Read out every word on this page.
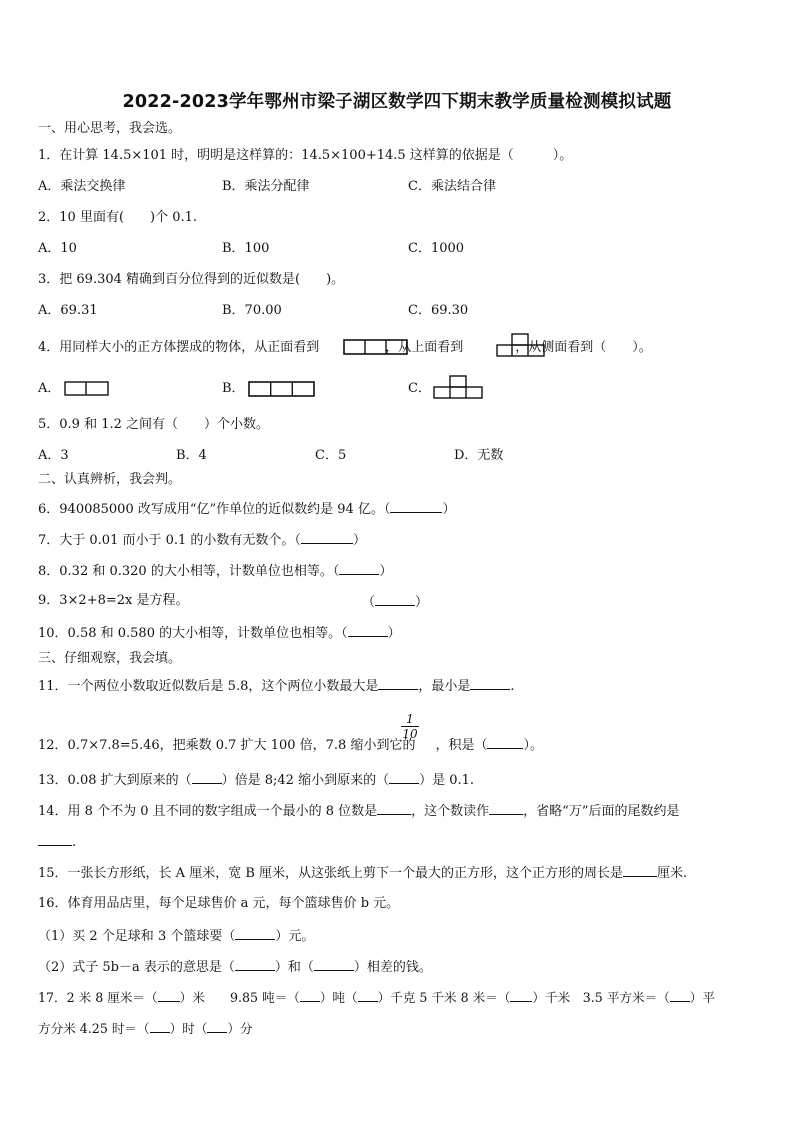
2022-2023学年鄂州市梁子湖区数学四下期末教学质量检测模拟试题
一、用心思考，我会选。
1．在计算 14.5×101 时，明明是这样算的：14.5×100+14.5 这样算的依据是（　　　）。
A．乘法交换律	B．乘法分配律	C．乘法结合律
2．10 里面有(　　)个 0.1.
A．10	B．100	C．1000
3．把 69.304 精确到百分位得到的近似数是(　　)。
A．69.31	B．70.00	C．69.30
4．用同样大小的正方体摆成的物体，从正面看到	，从上面看到	，从侧面看到（　　）。
A．	B．	C．
5．0.9 和 1.2 之间有（　　）个小数。
A．3	B．4	C．5	D．无数
二、认真辨析，我会判。
6．940085000 改写成用“亿”作单位的近似数约是 94 亿。（	）
7．大于 0.01 而小于 0.1 的小数有无数个。（	）
8．0.32 和 0.320 的大小相等，计数单位也相等。（	）
9．3×2+8=2x 是方程。	（	）
10．0.58 和 0.580 的大小相等，计数单位也相等。（	）
三、仔细观察，我会填。
11．一个两位小数取近似数后是 5.8，这个两位小数最大是	，最小是	.
12．0.7×7.8=5.46，把乘数 0.7 扩大 100 倍，7.8 缩小到它的 ，积是（	）。
1
10
13．0.08 扩大到原来的（ ）倍是 8;42 缩小到原来的（ ）是 0.1.
14．用 8 个不为 0 且不同的数字组成一个最小的 8 位数是	，这个数读作	，省略“万”后面的尾数约是
.
15．一张长方形纸，长 A 厘米，宽 B 厘米，从这张纸上剪下一个最大的正方形，这个正方形的周长是	厘米.
16．体育用品店里，每个足球售价 a 元，每个篮球售价 b 元。
（1）买 2 个足球和 3 个篮球要（	）元。
（2）式子 5b－a 表示的意思是（	）和（	）相差的钱。
17．2 米 8 厘米＝（ ）米　　9.85 吨＝（ ）吨（ ）千克 5 千米 8 米＝（ ）千米　3.5 平方米＝（ ）平
方分米 4.25 时＝（ ）时（ ）分
